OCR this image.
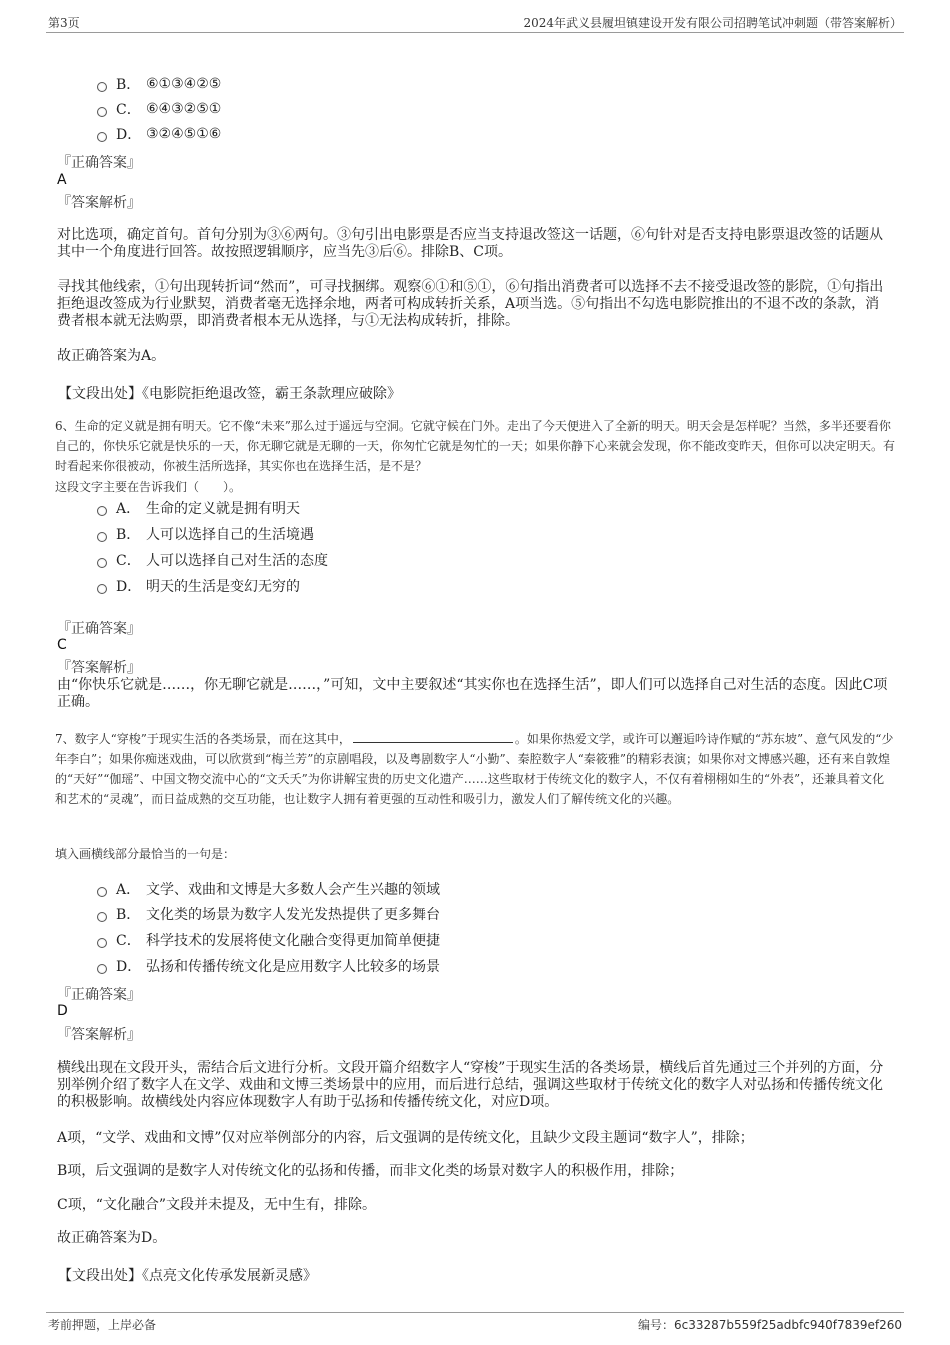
第3页	2024年武义县履坦镇建设开发有限公司招聘笔试冲刺题（带答案解析）
B． ⑥①③④②⑤
C． ⑥④③②⑤①
D． ③②④⑤①⑥
『正确答案』
A
『答案解析』
对比选项，确定首句。首句分别为③⑥两句。③句引出电影票是否应当支持退改签这一话题，⑥句针对是否支持电影票退改签的话题从其中一个角度进行回答。故按照逻辑顺序，应当先③后⑥。排除B、C项。
寻找其他线索，①句出现转折词“然而”，可寻找捆绑。观察⑥①和⑤①，⑥句指出消费者可以选择不去不接受退改签的影院，①句指出拒绝退改签成为行业默契，消费者毫无选择余地，两者可构成转折关系，A项当选。⑤句指出不勾选电影院推出的不退不改的条款，消费者根本就无法购票，即消费者根本无从选择，与①无法构成转折，排除。
故正确答案为A。
【文段出处】《电影院拒绝退改签，霸王条款理应破除》
6、生命的定义就是拥有明天。它不像“未来”那么过于遥远与空洞。它就守候在门外。走出了今天便进入了全新的明天。明天会是怎样呢？当然，多半还要看你自己的，你快乐它就是快乐的一天，你无聊它就是无聊的一天，你匆忙它就是匆忙的一天；如果你静下心来就会发现，你不能改变昨天，但你可以决定明天。有时看起来你很被动，你被生活所选择，其实你也在选择生活，是不是？
这段文字主要在告诉我们（　　）。
A． 生命的定义就是拥有明天
B． 人可以选择自己的生活境遇
C． 人可以选择自己对生活的态度
D． 明天的生活是变幻无穷的
『正确答案』
C
『答案解析』
由“你快乐它就是……，你无聊它就是……，”可知，文中主要叙述“其实你也在选择生活”，即人们可以选择自己对生活的态度。因此C项正确。
7、数字人“穿梭”于现实生活的各类场景，而在这其中，	。如果你热爱文学，或许可以邂逅吟诗作赋的“苏东坡”、意气风发的“少年李白”；如果你痴迷戏曲，可以欣赏到“梅兰芳”的京剧唱段，以及粤剧数字人“小勤”、秦腔数字人“秦筱雅”的精彩表演；如果你对文博感兴趣，还有来自敦煌的“天好”“伽瑶”、中国文物交流中心的“文夭夭”为你讲解宝贵的历史文化遗产……这些取材于传统文化的数字人，不仅有着栩栩如生的“外表”，还兼具着文化和艺术的“灵魂”，而日益成熟的交互功能，也让数字人拥有着更强的互动性和吸引力，激发人们了解传统文化的兴趣。
填入画横线部分最恰当的一句是：
A． 文学、戏曲和文博是大多数人会产生兴趣的领域
B． 文化类的场景为数字人发光发热提供了更多舞台
C． 科学技术的发展将使文化融合变得更加简单便捷
D． 弘扬和传播传统文化是应用数字人比较多的场景
『正确答案』
D
『答案解析』
横线出现在文段开头，需结合后文进行分析。文段开篇介绍数字人“穿梭”于现实生活的各类场景，横线后首先通过三个并列的方面，分别举例介绍了数字人在文学、戏曲和文博三类场景中的应用，而后进行总结，强调这些取材于传统文化的数字人对弘扬和传播传统文化的积极影响。故横线处内容应体现数字人有助于弘扬和传播传统文化，对应D项。
A项，“文学、戏曲和文博”仅对应举例部分的内容，后文强调的是传统文化，且缺少文段主题词“数字人”，排除；
B项，后文强调的是数字人对传统文化的弘扬和传播，而非文化类的场景对数字人的积极作用，排除；
C项，“文化融合”文段并未提及，无中生有，排除。
故正确答案为D。
【文段出处】《点亮文化传承发展新灵感》
考前押题，上岸必备	编号：6c33287b559f25adbfc940f7839ef260
